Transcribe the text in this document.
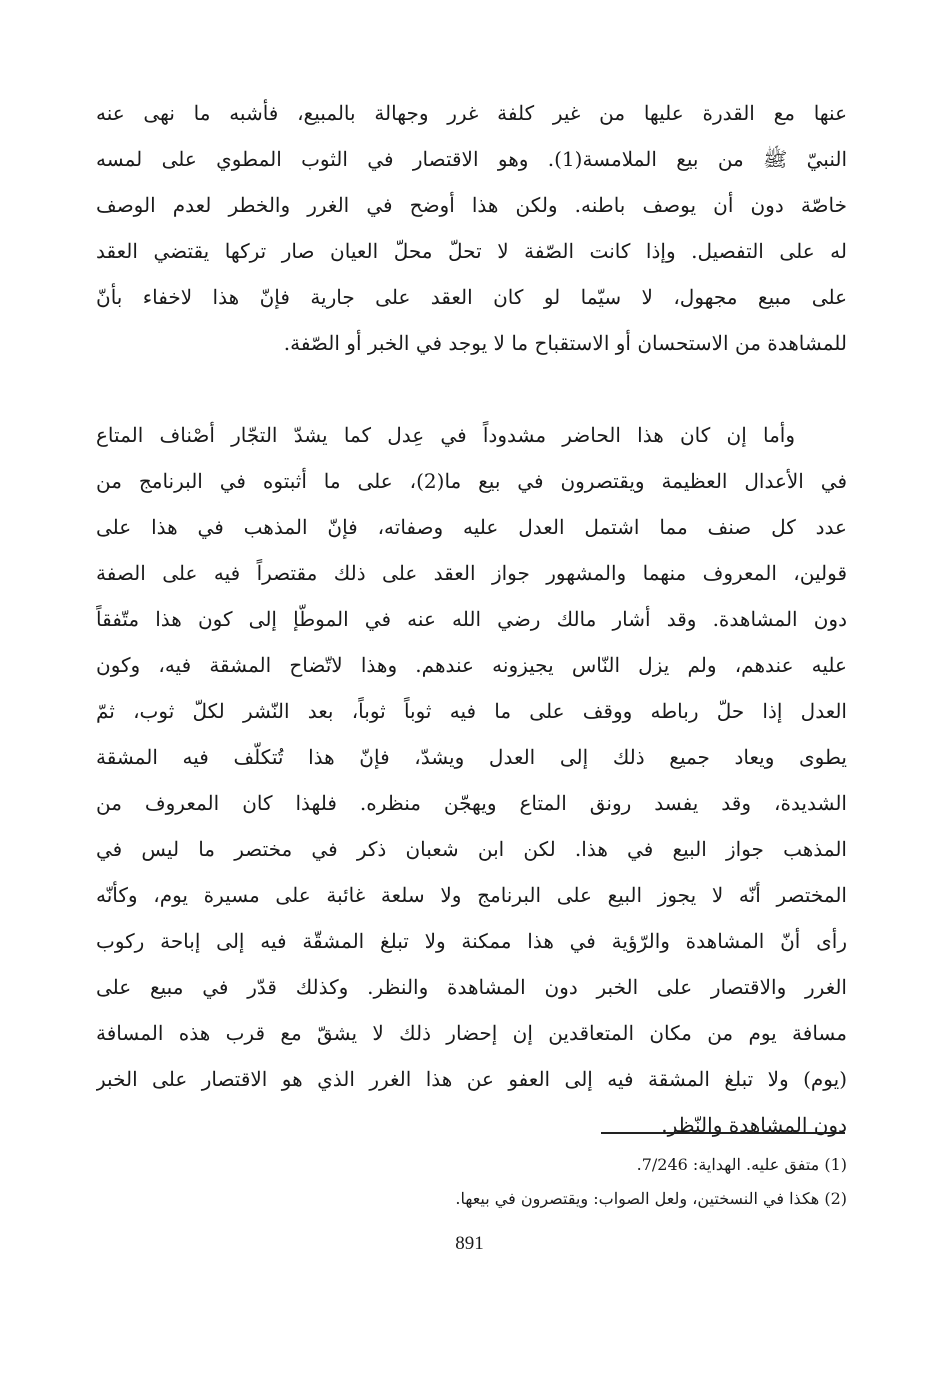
عنها مع القدرة عليها من غير كلفة غرر وجهالة بالمبيع، فأشبه ما نهى عنه
النبيّ ﷺ من بيع الملامسة(1). وهو الاقتصار في الثوب المطوي على لمسه
خاصّة دون أن يوصف باطنه. ولكن هذا أوضح في الغرر والخطر لعدم الوصف
له على التفصيل. وإذا كانت الصّفة لا تحلّ محلّ العيان صار تركها يقتضي العقد
على مبيع مجهول، لا سيّما لو كان العقد على جارية فإنّ هذا لاخفاء بأنّ
للمشاهدة من الاستحسان أو الاستقباح ما لا يوجد في الخبر أو الصّفة.
وأما إن كان هذا الحاضر مشدوداً في عِدل كما يشدّ التجّار أصْناف المتاع
في الأعدال العظيمة ويقتصرون في بيع ما(2)، على ما أثبتوه في البرنامج من
عدد كل صنف مما اشتمل العدل عليه وصفاته، فإنّ المذهب في هذا على
قولين، المعروف منهما والمشهور جواز العقد على ذلك مقتصراً فيه على الصفة
دون المشاهدة. وقد أشار مالك رضي الله عنه في الموطّإ إلى كون هذا متّفقاً
عليه عندهم، ولم يزل النّاس يجيزونه عندهم. وهذا لاتّضاح المشقة فيه، وكون
العدل إذا حلّ رباطه ووقف على ما فيه ثوباً ثوباً، بعد النّشر لكلّ ثوب، ثمّ
يطوى ويعاد جميع ذلك إلى العدل ويشدّ، فإنّ هذا تُتكلّف فيه المشقة
الشديدة، وقد يفسد رونق المتاع ويهجّن منظره. فلهذا كان المعروف من
المذهب جواز البيع في هذا. لكن ابن شعبان ذكر في مختصر ما ليس في
المختصر أنّه لا يجوز البيع على البرنامج ولا سلعة غائبة على مسيرة يوم، وكأنّه
رأى أنّ المشاهدة والرّؤية في هذا ممكنة ولا تبلغ المشقّة فيه إلى إباحة ركوب
الغرر والاقتصار على الخبر دون المشاهدة والنظر. وكذلك قدّر في مبيع على
مسافة يوم من مكان المتعاقدين إن إحضار ذلك لا يشقّ مع قرب هذه المسافة
(يوم) ولا تبلغ المشقة فيه إلى العفو عن هذا الغرر الذي هو الاقتصار على الخبر
دون المشاهدة والنّظر.
(1) متفق عليه. الهداية: 7/246.
(2) هكذا في النسختين، ولعل الصواب: ويقتصرون في بيعها.
891
